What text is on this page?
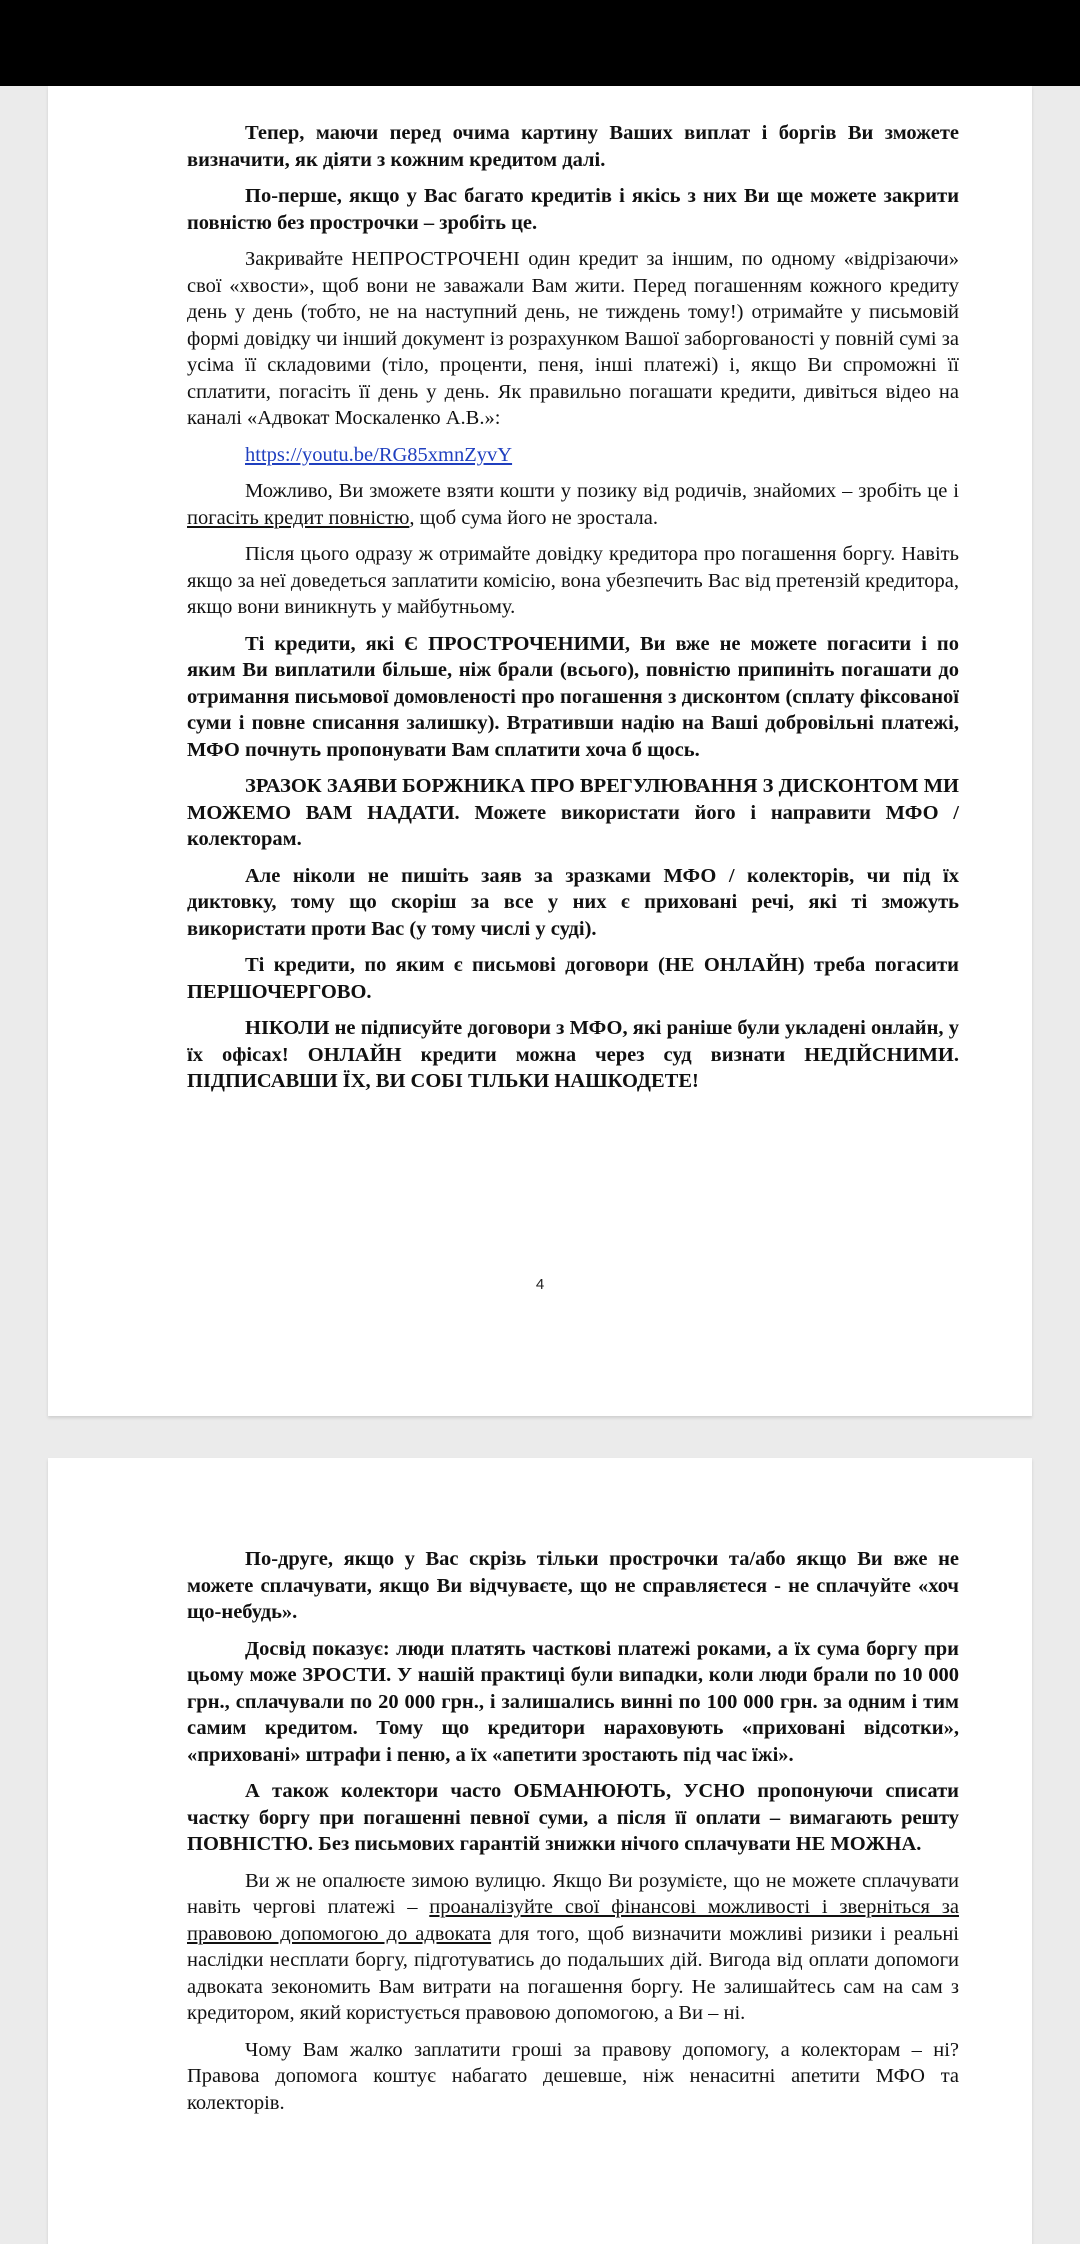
Тепер, маючи перед очима картину Ваших виплат і боргів Ви зможете визначити, як діяти з кожним кредитом далі.

По-перше, якщо у Вас багато кредитів і якісь з них Ви ще можете закрити повністю без прострочки – зробіть це.

Закривайте НЕПРОСТРОЧЕНІ один кредит за іншим, по одному «відрізаючи» свої «хвости», щоб вони не заважали Вам жити. Перед погашенням кожного кредиту день у день (тобто, не на наступний день, не тиждень тому!) отримайте у письмовій формі довідку чи інший документ із розрахунком Вашої заборгованості у повній сумі за усіма її складовими (тіло, проценти, пеня, інші платежі) і, якщо Ви спроможні її сплатити, погасіть її день у день. Як правильно погашати кредити, дивіться відео на каналі «Адвокат Москаленко А.В.»:

https://youtu.be/RG85xmnZyvY

Можливо, Ви зможете взяти кошти у позику від родичів, знайомих – зробіть це і погасіть кредит повністю, щоб сума його не зростала.

Після цього одразу ж отримайте довідку кредитора про погашення боргу. Навіть якщо за неї доведеться заплатити комісію, вона убезпечить Вас від претензій кредитора, якщо вони виникнуть у майбутньому.

Ті кредити, які Є ПРОСТРОЧЕНИМИ, Ви вже не можете погасити і по яким Ви виплатили більше, ніж брали (всього), повністю припиніть погашати до отримання письмової домовленості про погашення з дисконтом (сплату фіксованої суми і повне списання залишку). Втративши надію на Ваші добровільні платежі, МФО почнуть пропонувати Вам сплатити хоча б щось.

ЗРАЗОК ЗАЯВИ БОРЖНИКА ПРО ВРЕГУЛЮВАННЯ З ДИСКОНТОМ МИ МОЖЕМО ВАМ НАДАТИ. Можете використати його і направити МФО / колекторам.

Але ніколи не пишіть заяв за зразками МФО / колекторів, чи під їх диктовку, тому що скоріш за все у них є приховані речі, які ті зможуть використати проти Вас (у тому числі у суді).

Ті кредити, по яким є письмові договори (НЕ ОНЛАЙН) треба погасити ПЕРШОЧЕРГОВО.

НІКОЛИ не підписуйте договори з МФО, які раніше були укладені онлайн, у їх офісах! ОНЛАЙН кредити можна через суд визнати НЕДІЙСНИМИ. ПІДПИСАВШИ ЇХ, ВИ СОБІ ТІЛЬКИ НАШКОДЕТЕ!

4

По-друге, якщо у Вас скрізь тільки прострочки та/або якщо Ви вже не можете сплачувати, якщо Ви відчуваєте, що не справляєтеся - не сплачуйте «хоч що-небудь».

Досвід показує: люди платять часткові платежі роками, а їх сума боргу при цьому може ЗРОСТИ. У нашій практиці були випадки, коли люди брали по 10 000 грн., сплачували по 20 000 грн., і залишались винні по 100 000 грн. за одним і тим самим кредитом. Тому що кредитори нараховують «приховані відсотки», «приховані» штрафи і пеню, а їх «апетити зростають під час їжі».

А також колектори часто ОБМАНЮЮТЬ, УСНО пропонуючи списати частку боргу при погашенні певної суми, а після її оплати – вимагають решту ПОВНІСТЮ. Без письмових гарантій знижки нічого сплачувати НЕ МОЖНА.

Ви ж не опалюєте зимою вулицю. Якщо Ви розумієте, що не можете сплачувати навіть чергові платежі – проаналізуйте свої фінансові можливості і зверніться за правовою допомогою до адвоката для того, щоб визначити можливі ризики і реальні наслідки несплати боргу, підготуватись до подальших дій. Вигода від оплати допомоги адвоката зекономить Вам витрати на погашення боргу. Не залишайтесь сам на сам з кредитором, який користується правовою допомогою, а Ви – ні.

Чому Вам жалко заплатити гроші за правову допомогу, а колекторам – ні? Правова допомога коштує набагато дешевше, ніж ненаситні апетити МФО та колекторів.
